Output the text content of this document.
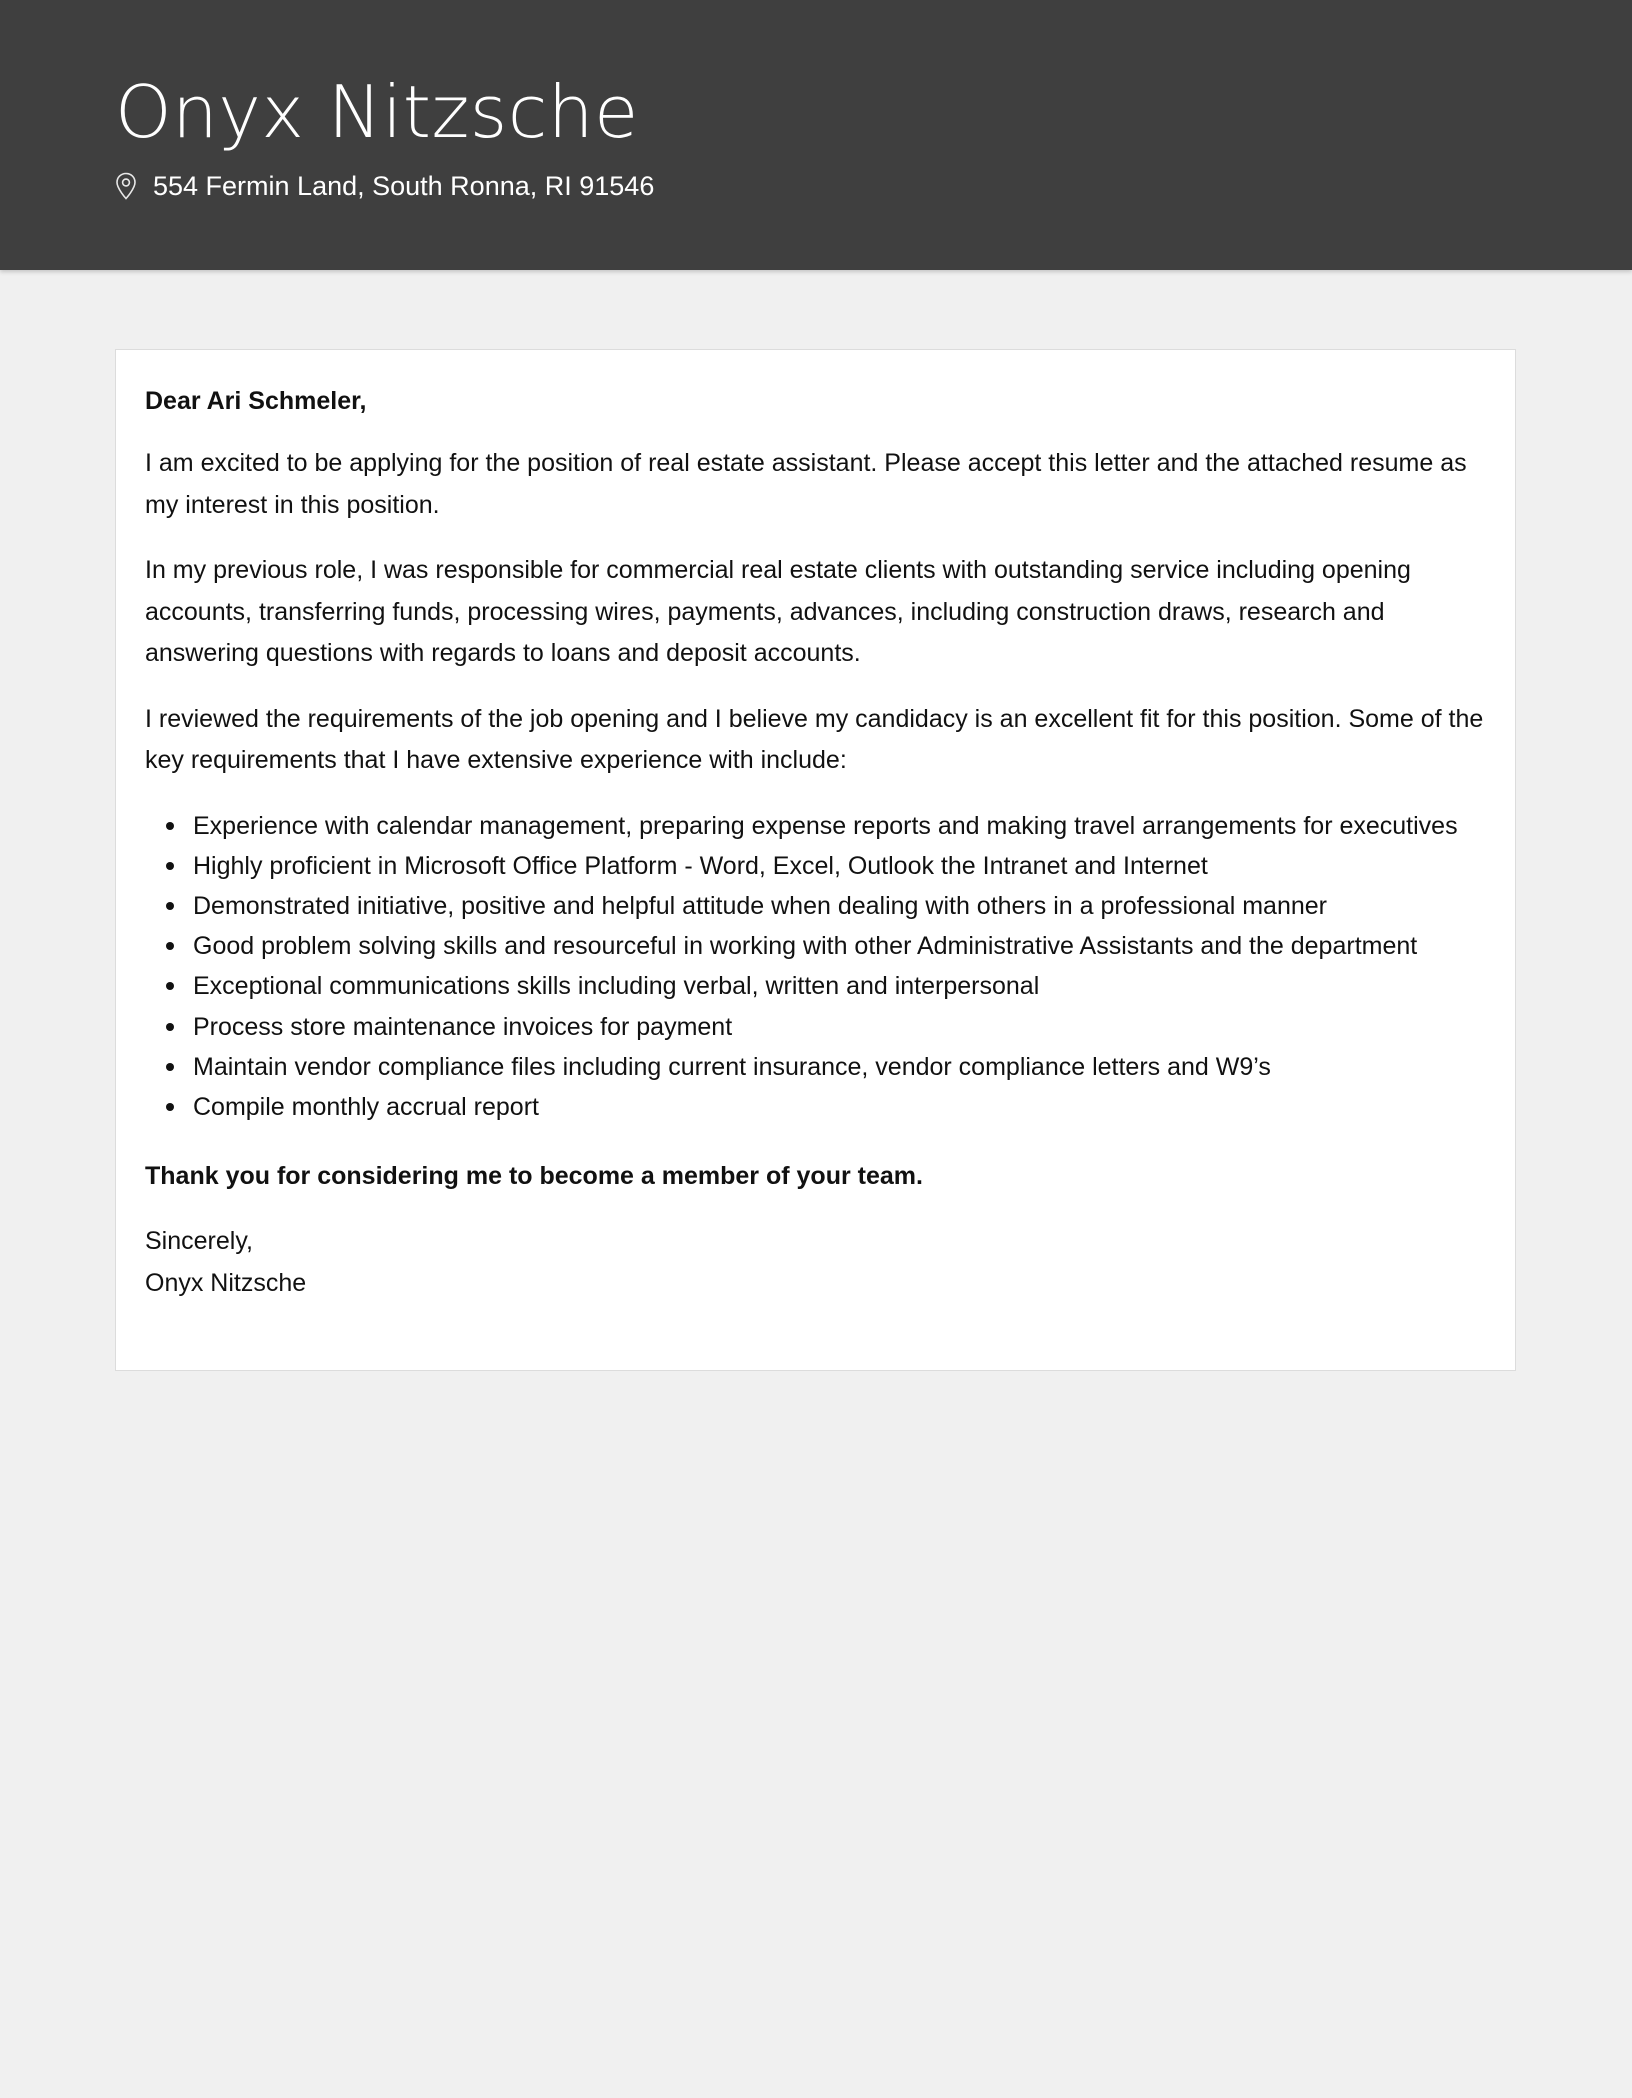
Onyx Nitzsche
554 Fermin Land, South Ronna, RI 91546

Dear Ari Schmeler,

I am excited to be applying for the position of real estate assistant. Please accept this letter and the attached resume as my interest in this position.

In my previous role, I was responsible for commercial real estate clients with outstanding service including opening accounts, transferring funds, processing wires, payments, advances, including construction draws, research and answering questions with regards to loans and deposit accounts.

I reviewed the requirements of the job opening and I believe my candidacy is an excellent fit for this position. Some of the key requirements that I have extensive experience with include:

Experience with calendar management, preparing expense reports and making travel arrangements for executives
Highly proficient in Microsoft Office Platform - Word, Excel, Outlook the Intranet and Internet
Demonstrated initiative, positive and helpful attitude when dealing with others in a professional manner
Good problem solving skills and resourceful in working with other Administrative Assistants and the department
Exceptional communications skills including verbal, written and interpersonal
Process store maintenance invoices for payment
Maintain vendor compliance files including current insurance, vendor compliance letters and W9’s
Compile monthly accrual report

Thank you for considering me to become a member of your team.

Sincerely,
Onyx Nitzsche
